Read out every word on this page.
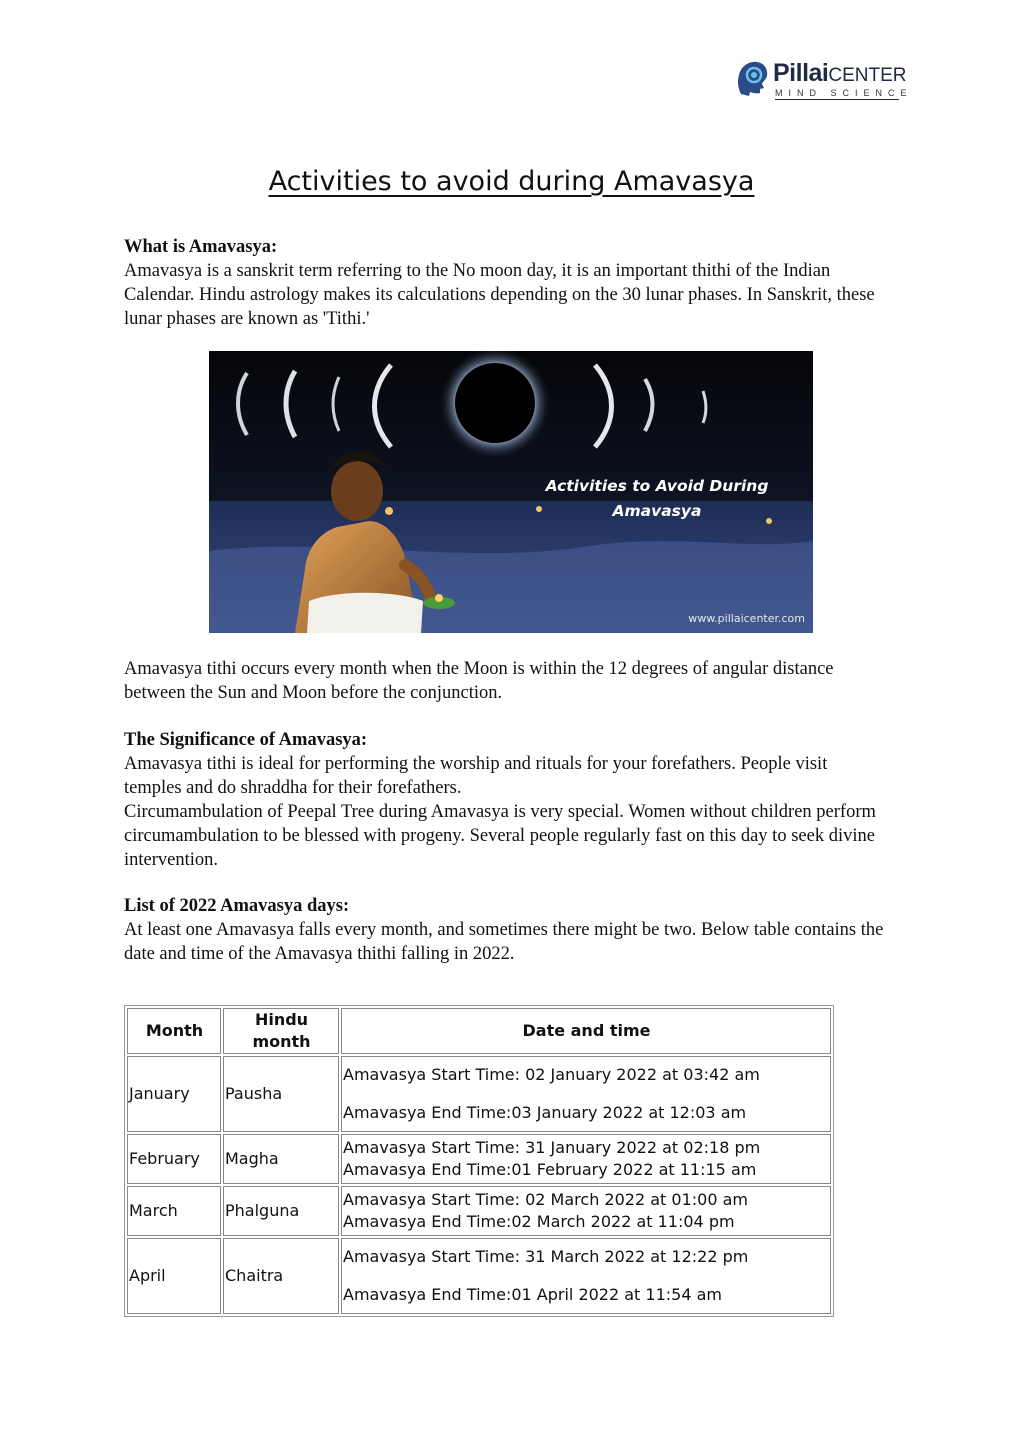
PillaiCENTER
MIND SCIENCE
Activities to avoid during Amavasya
What is Amavasya:

Amavasya is a sanskrit term referring to the No moon day, it is an important thithi of the Indian Calendar. Hindu astrology makes its calculations depending on the 30 lunar phases. In Sanskrit, these lunar phases are known as 'Tithi.'

Activities to Avoid During
Amavasya
www.pillaicenter.com

Amavasya tithi occurs every month when the Moon is within the 12 degrees of angular distance between the Sun and Moon before the conjunction.

The Significance of Amavasya:

Amavasya tithi is ideal for performing the worship and rituals for your forefathers. People visit temples and do shraddha for their forefathers.

Circumambulation of Peepal Tree during Amavasya is very special. Women without children perform circumambulation to be blessed with progeny. Several people regularly fast on this day to seek divine intervention.

List of 2022 Amavasya days:

At least one Amavasya falls every month, and sometimes there might be two. Below table contains the date and time of the Amavasya thithi falling in 2022.

Month	Hindu month	Date and time
January	Pausha	Amavasya Start Time: 02 January 2022 at 03:42 am
Amavasya End Time:03 January 2022 at 12:03 am

February	Magha	Amavasya Start Time: 31 January 2022 at 02:18 pm
Amavasya End Time:01 February 2022 at 11:15 am

March	Phalguna	Amavasya Start Time: 02 March 2022 at 01:00 am
Amavasya End Time:02 March 2022 at 11:04 pm

April	Chaitra	Amavasya Start Time: 31 March 2022 at 12:22 pm
Amavasya End Time:01 April 2022 at 11:54 am
